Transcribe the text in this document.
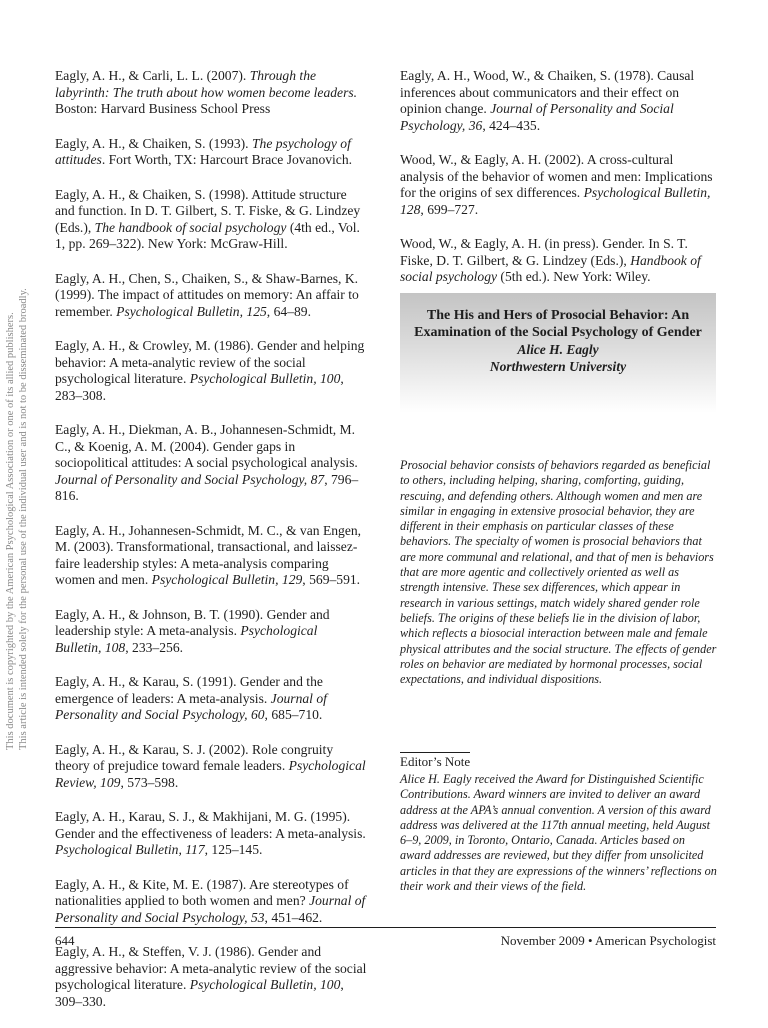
This document is copyrighted by the American Psychological Association or one of its allied publishers. This article is intended solely for the personal use of the individual user and is not to be disseminated broadly.

Eagly, A. H., & Carli, L. L. (2007). Through the labyrinth: The truth about how women become leaders. Boston: Harvard Business School Press

Eagly, A. H., & Chaiken, S. (1993). The psychology of attitudes. Fort Worth, TX: Harcourt Brace Jovanovich.

Eagly, A. H., & Chaiken, S. (1998). Attitude structure and function. In D. T. Gilbert, S. T. Fiske, & G. Lindzey (Eds.), The handbook of social psychology (4th ed., Vol. 1, pp. 269–322). New York: McGraw-Hill.

Eagly, A. H., Chen, S., Chaiken, S., & Shaw-Barnes, K. (1999). The impact of attitudes on memory: An affair to remember. Psychological Bulletin, 125, 64–89.

Eagly, A. H., & Crowley, M. (1986). Gender and helping behavior: A meta-analytic review of the social psychological literature. Psychological Bulletin, 100, 283–308.

Eagly, A. H., Diekman, A. B., Johannesen-Schmidt, M. C., & Koenig, A. M. (2004). Gender gaps in sociopolitical attitudes: A social psychological analysis. Journal of Personality and Social Psychology, 87, 796–816.

Eagly, A. H., Johannesen-Schmidt, M. C., & van Engen, M. (2003). Transformational, transactional, and laissez-faire leadership styles: A meta-analysis comparing women and men. Psychological Bulletin, 129, 569–591.

Eagly, A. H., & Johnson, B. T. (1990). Gender and leadership style: A meta-analysis. Psychological Bulletin, 108, 233–256.

Eagly, A. H., & Karau, S. (1991). Gender and the emergence of leaders: A meta-analysis. Journal of Personality and Social Psychology, 60, 685–710.

Eagly, A. H., & Karau, S. J. (2002). Role congruity theory of prejudice toward female leaders. Psychological Review, 109, 573–598.

Eagly, A. H., Karau, S. J., & Makhijani, M. G. (1995). Gender and the effectiveness of leaders: A meta-analysis. Psychological Bulletin, 117, 125–145.

Eagly, A. H., & Kite, M. E. (1987). Are stereotypes of nationalities applied to both women and men? Journal of Personality and Social Psychology, 53, 451–462.

Eagly, A. H., & Steffen, V. J. (1986). Gender and aggressive behavior: A meta-analytic review of the social psychological literature. Psychological Bulletin, 100, 309–330.

Eagly, A. H., Wood, W., & Chaiken, S. (1978). Causal inferences about communicators and their effect on opinion change. Journal of Personality and Social Psychology, 36, 424–435.

Wood, W., & Eagly, A. H. (2002). A cross-cultural analysis of the behavior of women and men: Implications for the origins of sex differences. Psychological Bulletin, 128, 699–727.

Wood, W., & Eagly, A. H. (in press). Gender. In S. T. Fiske, D. T. Gilbert, & G. Lindzey (Eds.), Handbook of social psychology (5th ed.). New York: Wiley.

The His and Hers of Prosocial Behavior: An Examination of the Social Psychology of Gender
Alice H. Eagly
Northwestern University
Prosocial behavior consists of behaviors regarded as beneficial to others, including helping, sharing, comforting, guiding, rescuing, and defending others. Although women and men are similar in engaging in extensive prosocial behavior, they are different in their emphasis on particular classes of these behaviors. The specialty of women is prosocial behaviors that are more communal and relational, and that of men is behaviors that are more agentic and collectively oriented as well as strength intensive. These sex differences, which appear in research in various settings, match widely shared gender role beliefs. The origins of these beliefs lie in the division of labor, which reflects a biosocial interaction between male and female physical attributes and the social structure. The effects of gender roles on behavior are mediated by hormonal processes, social expectations, and individual dispositions.
Editor’s Note
Alice H. Eagly received the Award for Distinguished Scientific Contributions. Award winners are invited to deliver an award address at the APA’s annual convention. A version of this award address was delivered at the 117th annual meeting, held August 6–9, 2009, in Toronto, Ontario, Canada. Articles based on award addresses are reviewed, but they differ from unsolicited articles in that they are expressions of the winners’ reflections on their work and their views of the field.
644	November 2009 • American Psychologist
